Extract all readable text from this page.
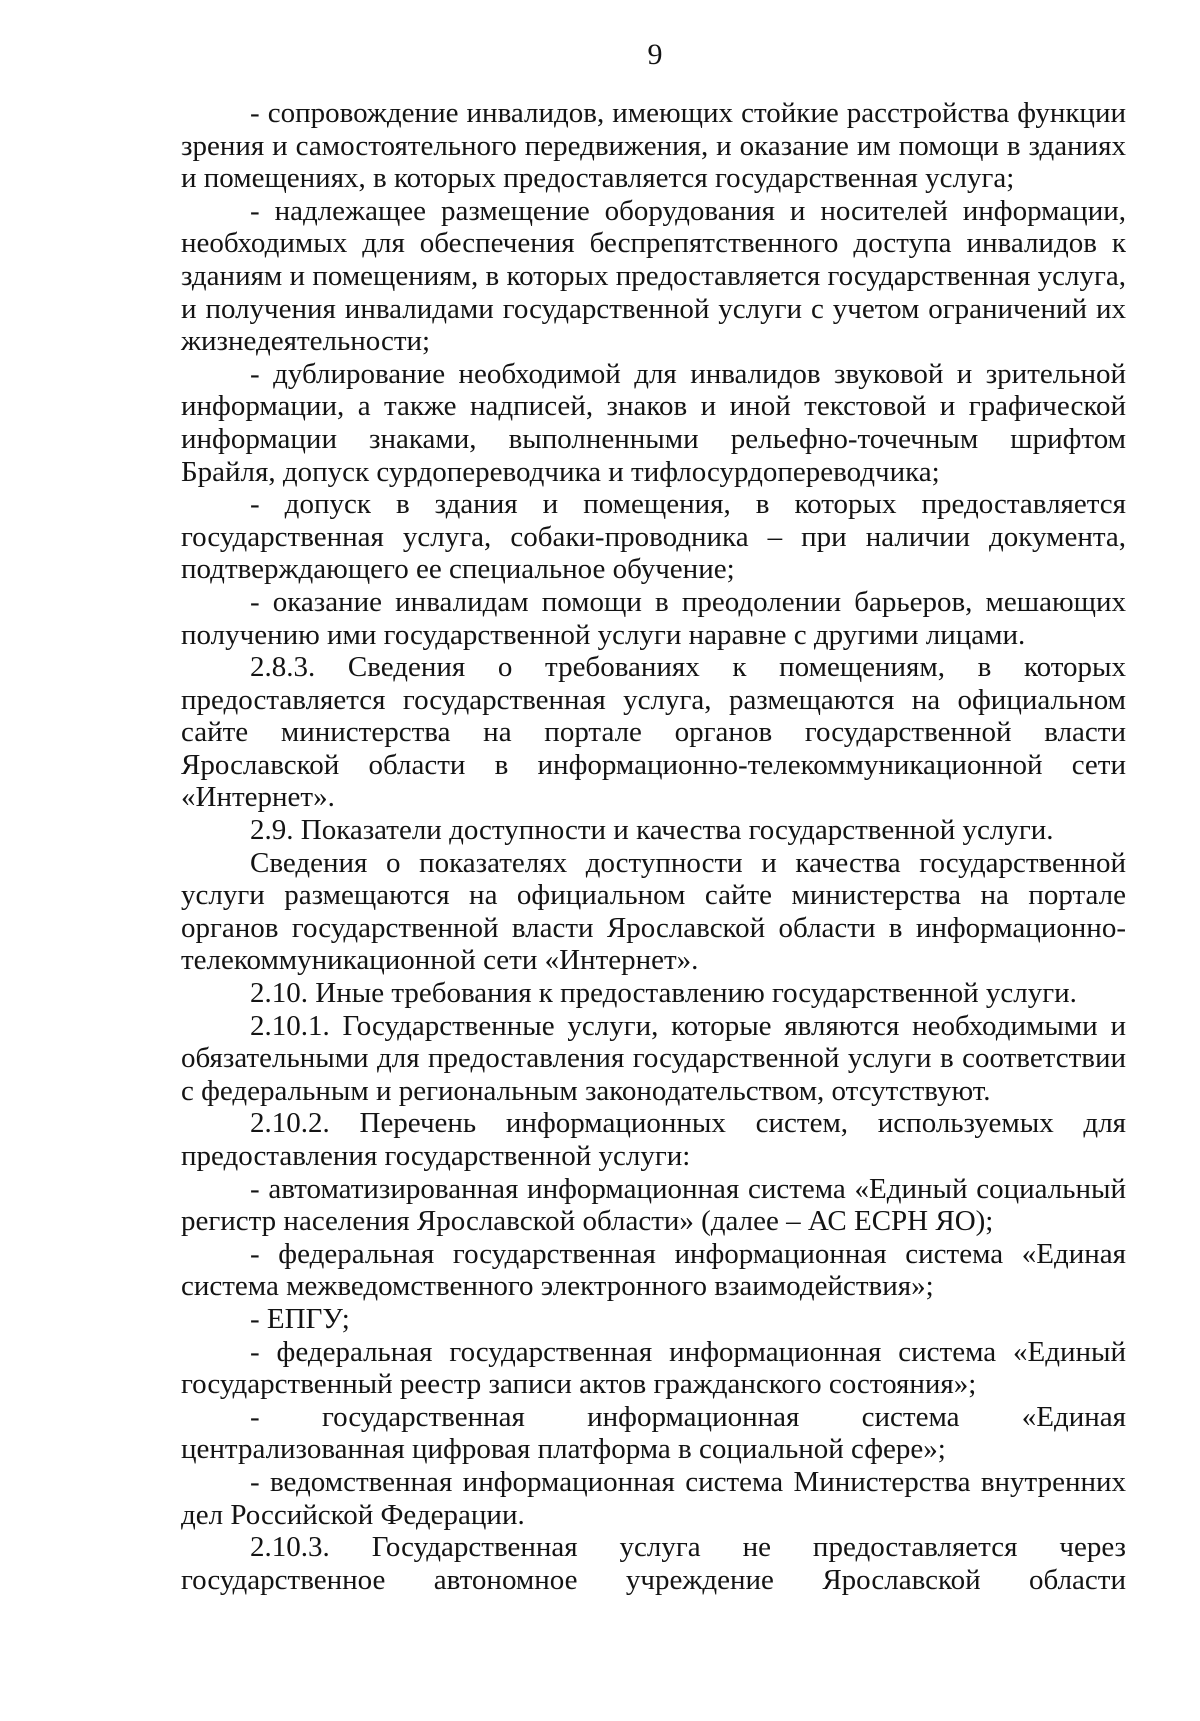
9

- сопровождение инвалидов, имеющих стойкие расстройства функции зрения и самостоятельного передвижения, и оказание им помощи в зданиях и помещениях, в которых предоставляется государственная услуга;

- надлежащее размещение оборудования и носителей информации, необходимых для обеспечения беспрепятственного доступа инвалидов к зданиям и помещениям, в которых предоставляется государственная услуга, и получения инвалидами государственной услуги с учетом ограничений их жизнедеятельности;

- дублирование необходимой для инвалидов звуковой и зрительной информации, а также надписей, знаков и иной текстовой и графической информации знаками, выполненными рельефно-точечным шрифтом Брайля, допуск сурдопереводчика и тифлосурдопереводчика;

- допуск в здания и помещения, в которых предоставляется государственная услуга, собаки-проводника – при наличии документа, подтверждающего ее специальное обучение;

- оказание инвалидам помощи в преодолении барьеров, мешающих получению ими государственной услуги наравне с другими лицами.

2.8.3. Сведения о требованиях к помещениям, в которых предоставляется государственная услуга, размещаются на официальном сайте министерства на портале органов государственной власти Ярославской области в информационно-телекоммуникационной сети «Интернет».

2.9. Показатели доступности и качества государственной услуги.

Сведения о показателях доступности и качества государственной услуги размещаются на официальном сайте министерства на портале органов государственной власти Ярославской области в информационно-телекоммуникационной сети «Интернет».

2.10. Иные требования к предоставлению государственной услуги.

2.10.1. Государственные услуги, которые являются необходимыми и обязательными для предоставления государственной услуги в соответствии с федеральным и региональным законодательством, отсутствуют.

2.10.2. Перечень информационных систем, используемых для предоставления государственной услуги:

- автоматизированная информационная система «Единый социальный регистр населения Ярославской области» (далее – АС ЕСРН ЯО);

- федеральная государственная информационная система «Единая система межведомственного электронного взаимодействия»;

- ЕПГУ;

- федеральная государственная информационная система «Единый государственный реестр записи актов гражданского состояния»;

- государственная информационная система «Единая централизованная цифровая платформа в социальной сфере»;

- ведомственная информационная система Министерства внутренних дел Российской Федерации.

2.10.3. Государственная услуга не предоставляется через государственное автономное учреждение Ярославской области
